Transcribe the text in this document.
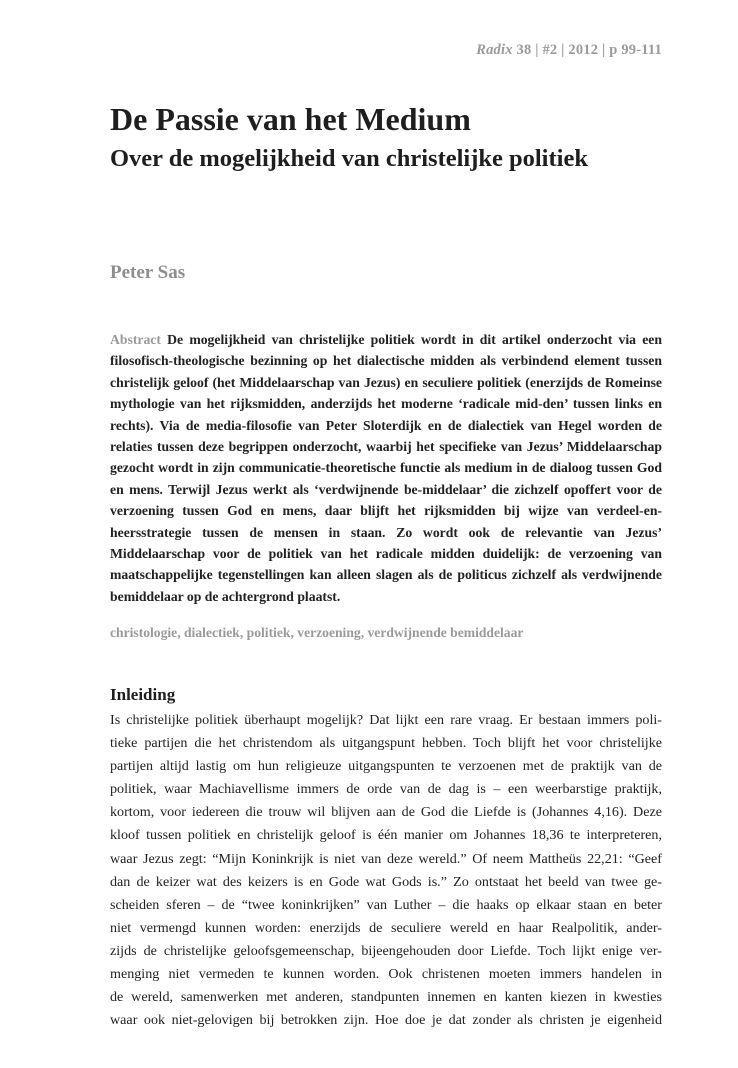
Radix 38 | #2 | 2012 | p 99-111
De Passie van het Medium
Over de mogelijkheid van christelijke politiek
Peter Sas

Abstract De mogelijkheid van christelijke politiek wordt in dit artikel onderzocht via een filosofisch-theologische bezinning op het dialectische midden als verbindend element tussen christelijk geloof (het Middelaarschap van Jezus) en seculiere politiek (enerzijds de Romeinse mythologie van het rijksmidden, anderzijds het moderne ‘radicale mid-den’ tussen links en rechts). Via de media-filosofie van Peter Sloterdijk en de dialectiek van Hegel worden de relaties tussen deze begrippen onderzocht, waarbij het specifieke van Jezus’ Middelaarschap gezocht wordt in zijn communicatie-theoretische functie als medium in de dialoog tussen God en mens. Terwijl Jezus werkt als ‘verdwijnende be-middelaar’ die zichzelf opoffert voor de verzoening tussen God en mens, daar blijft het rijksmidden bij wijze van verdeel-en-heersstrategie tussen de mensen in staan. Zo wordt ook de relevantie van Jezus’ Middelaarschap voor de politiek van het radicale midden duidelijk: de verzoening van maatschappelijke tegenstellingen kan alleen slagen als de politicus zichzelf als verdwijnende bemiddelaar op de achtergrond plaatst.

christologie, dialectiek, politiek, verzoening, verdwijnende bemiddelaar
Inleiding
Is christelijke politiek überhaupt mogelijk? Dat lijkt een rare vraag. Er bestaan immers poli-
tieke partijen die het christendom als uitgangspunt hebben. Toch blijft het voor christelijke
partijen altijd lastig om hun religieuze uitgangspunten te verzoenen met de praktijk van de
politiek, waar Machiavellisme immers de orde van de dag is – een weerbarstige praktijk,
kortom, voor iedereen die trouw wil blijven aan de God die Liefde is (Johannes 4,16). Deze
kloof tussen politiek en christelijk geloof is één manier om Johannes 18,36 te interpreteren,
waar Jezus zegt: “Mijn Koninkrijk is niet van deze wereld.” Of neem Mattheüs 22,21: “Geef
dan de keizer wat des keizers is en Gode wat Gods is.” Zo ontstaat het beeld van twee ge-
scheiden sferen – de “twee koninkrijken” van Luther – die haaks op elkaar staan en beter
niet vermengd kunnen worden: enerzijds de seculiere wereld en haar Realpolitik, ander-
zijds de christelijke geloofsgemeenschap, bijeengehouden door Liefde. Toch lijkt enige ver-
menging niet vermeden te kunnen worden. Ook christenen moeten immers handelen in
de wereld, samenwerken met anderen, standpunten innemen en kanten kiezen in kwesties
waar ook niet-gelovigen bij betrokken zijn. Hoe doe je dat zonder als christen je eigenheid
